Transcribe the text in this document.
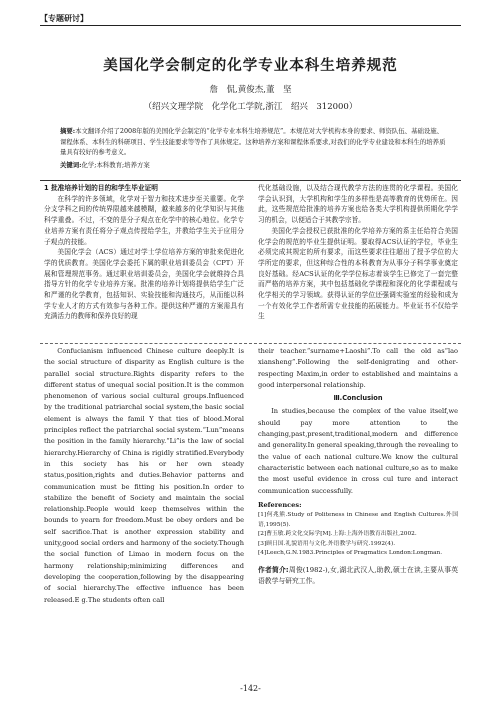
【专题研讨】
美国化学会制定的化学专业本科生培养规范
詹　侃,黄俊杰,董　坚
（绍兴文理学院　化学化工学院,浙江　绍兴　312000）
摘要:本文翻译介绍了2008年版的美国化学会制定的“化学专业本科生培养规范”。本规范对大学机构本身的要求、师资队伍、基础设施、课程体系、本科生的科研项目、学生技能要求等等作了具体规定。这种培养方案和课程体系要求,对我们的化学专业建设和本科生的培养质量具有较好的参考意义。
关键词:化学;本科教育;培养方案
1 批准培养计划的目的和学生毕业证明

在科学的许多领域，化学对于智力和技术进步至关重要。化学分支学科之间的传统界限越来越模糊，越来越多的化学知识与其他科学重叠。不过，不变的是分子观点在化学中的核心地位。化学专业培养方案有责任将分子观点传授给学生，并教给学生关于应用分子观点的技能。

美国化学会（ACS）通过对学士学位培养方案的审批来促进化学的优质教育。美国化学会委托下属的职业培训委员会（CPT）开展和管理规范事务。通过职业培训委员会，美国化学会就维持合具指导方针的化学专业培养方案。批准的培养计划将提供给学生广泛和严谨的化学教育，包括知识、实验技能和沟通技巧，从而能以科学专业人才的方式有效参与各种工作。提供这种严谨的方案需具有充满活力的教师和保养良好的现

代化基础设施，以及结合现代教学方法的连贯的化学课程。美国化学会认识到，大学机构和学生的多样性是高等教育的优势所在。因此，这些规范给批准的培养方案也给各类大学机构提供所期化学学习的机会，以便适合于其教学宗旨。

美国化学会授权已获批准的化学培养方案的系主任给符合美国化学会的规范的毕业生提供证明。要取得ACS认证的学位，毕业生必须完成其规定的所有要求，而这些要求往往超出了授予学位的大学所定的要求，但这种综合性的本科教育为从事分子科学事业奠定良好基础。经ACS认证的化学学位标志着该学生已修完了一套完整而严格的培养方案，其中包括基础化学课程和深化的化学课程或与化学相关的学习领域。获得认证的学位还强调实验室的经验和成为一个有效化学工作者所需专业技能的拓展能力。毕业证书不仅给学生

Confucianism influenced Chinese culture deeply.It is the social structure of disparity as English culture is the parallel social structure.Rights disparity refers to the different status of unequal social position.It is the common phenomenon of various social cultural groups.Influenced by the traditional patriarchal social system,the basic social element is always the famil Y that ties of blood.Moral principles reflect the patriarchal social system.“Lun”means the position in the family hierarchy.“Li”is the law of social hierarchy.Hierarchy of China is rigidly stratified.Everybody in this society has his or her own steady status,position,rights and duties.Behavior patterns and communication must be fitting his position.In order to stabilize the benefit of Society and maintain the social relationship.People would keep themselves within the bounds to yearn for freedom.Must be obey orders and be self sacrifice.That is another expression stability and unity,good social orders and harmony of the society.Though the social function of Limao in modern focus on the harmony relationship;minimizing differences and developing the cooperation,following by the disappearing of social hierarchy.The effective influence has been released.E g.The students often call

their teacher.“surname+Laoshi”.To call the old as“lao xiansheng”.Following the self-denigrating and other-respecting Maxim,in order to established and maintains a good interpersonal relationship.

Ⅲ.Conclusion

In studies,because the complex of the value itself,we should pay more attention to the changing,past,present,traditional,modern and difference and generality.In general speaking,through the revealing to the value of each national culture.We know the cultural characteristic between each national culture,so as to make the most useful evidence in cross cul ture and interact communication successfully.

References:

[1]何兆熊.Study of Politeness in Chinese and English Cultures.外国语,1995(5).

[2]曹玉敏.跨文化交际学[M].上海:上海外语教育出版社,2002.

[3]顾日国.礼貌语用与文化.外语教学与研究.1992(4).

[4]Leech,G.N.1983.Principles of Pragmatics London:Longman.

作者简介:周俊(1982-),女,湖北武汉人,助教,硕士在读,主要从事英语教学与研究工作。
-142-
